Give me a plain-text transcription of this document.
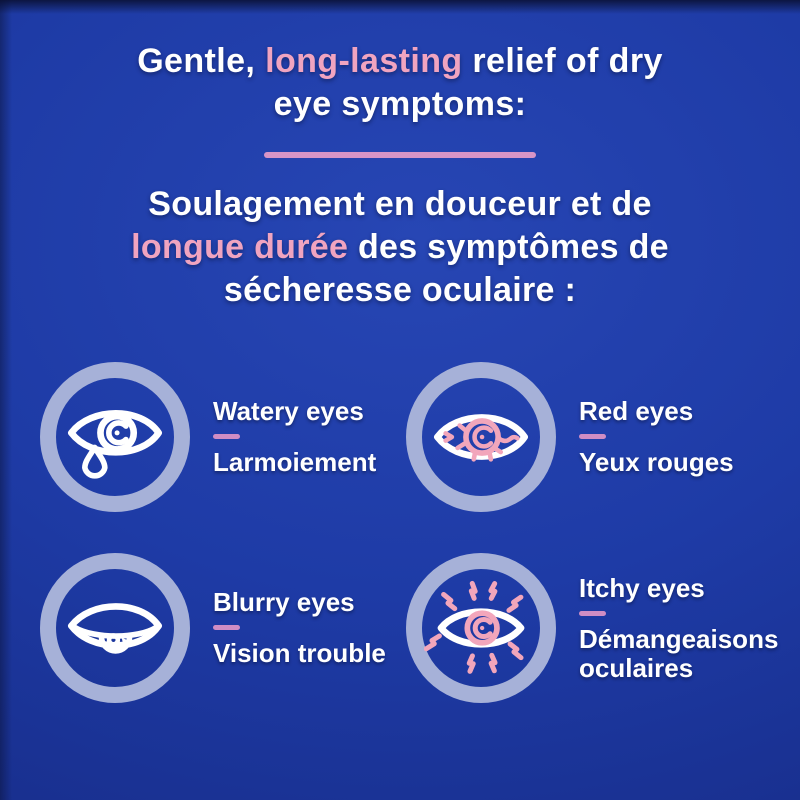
Gentle, long-lasting relief of dry
eye symptoms:
Soulagement en douceur et de
longue durée des symptômes de
sécheresse oculaire :
Watery eyes
Larmoiement
Red eyes
Yeux rouges
Blurry eyes
Vision trouble
Itchy eyes
Démangeaisons oculaires
